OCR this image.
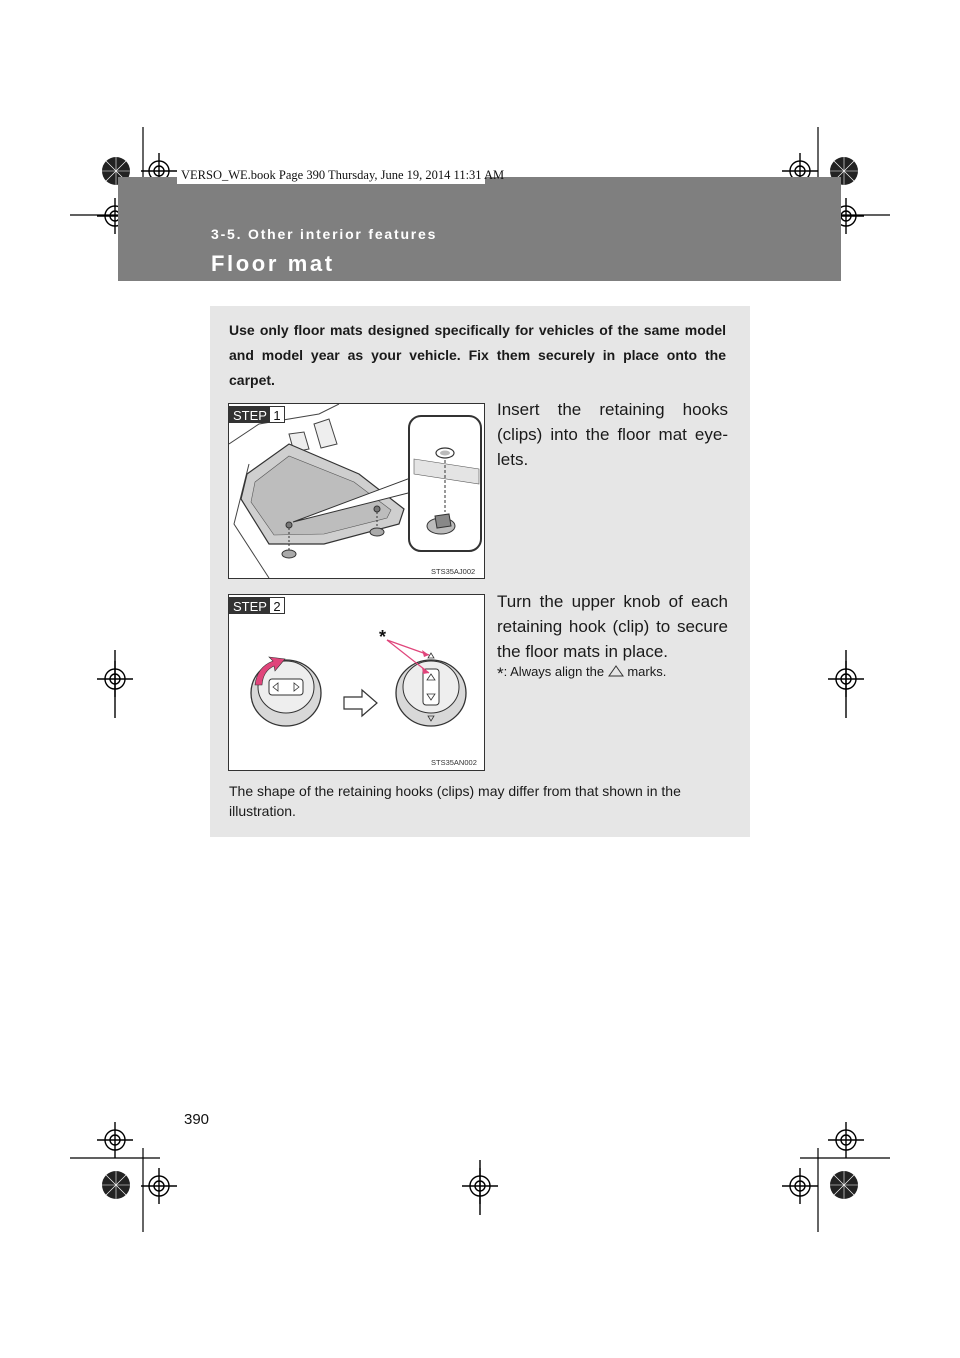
VERSO_WE.book Page 390 Thursday, June 19, 2014 11:31 AM
3-5. Other interior features
Floor mat
Use only floor mats designed specifically for vehicles of the same model and model year as your vehicle. Fix them securely in place onto the carpet.
STEP 1
STS35AJ002
Insert the retaining hooks (clips) into the floor mat eye-lets.
*
STEP 2
STS35AN002
Turn the upper knob of each retaining hook (clip) to secure the floor mats in place.
*: Always align the marks.
The shape of the retaining hooks (clips) may differ from that shown in the illustration.
390
